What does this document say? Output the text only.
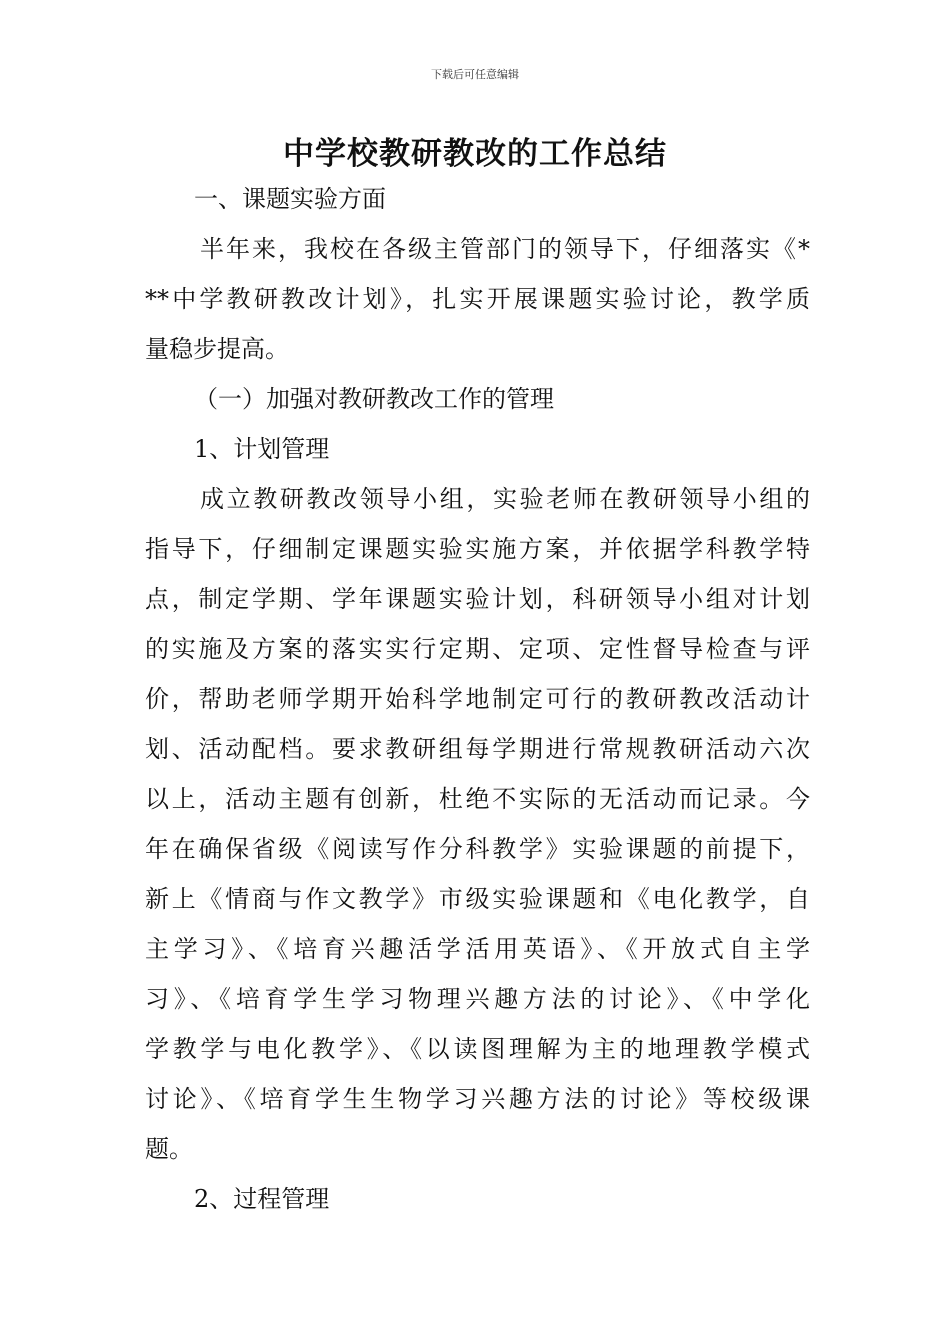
下载后可任意编辑
中学校教研教改的工作总结
一、课题实验方面
半年来，我校在各级主管部门的领导下，仔细落实《*
**中学教研教改计划》，扎实开展课题实验讨论，教学质
量稳步提高。
（一）加强对教研教改工作的管理
1、计划管理
成立教研教改领导小组，实验老师在教研领导小组的
指导下，仔细制定课题实验实施方案，并依据学科教学特
点，制定学期、学年课题实验计划，科研领导小组对计划
的实施及方案的落实实行定期、定项、定性督导检查与评
价，帮助老师学期开始科学地制定可行的教研教改活动计
划、活动配档。要求教研组每学期进行常规教研活动六次
以上，活动主题有创新，杜绝不实际的无活动而记录。今
年在确保省级《阅读写作分科教学》实验课题的前提下，
新上《情商与作文教学》市级实验课题和《电化教学，自
主学习》、《培育兴趣活学活用英语》、《开放式自主学
习》、《培育学生学习物理兴趣方法的讨论》、《中学化
学教学与电化教学》、《以读图理解为主的地理教学模式
讨论》、《培育学生生物学习兴趣方法的讨论》等校级课
题。
2、过程管理
